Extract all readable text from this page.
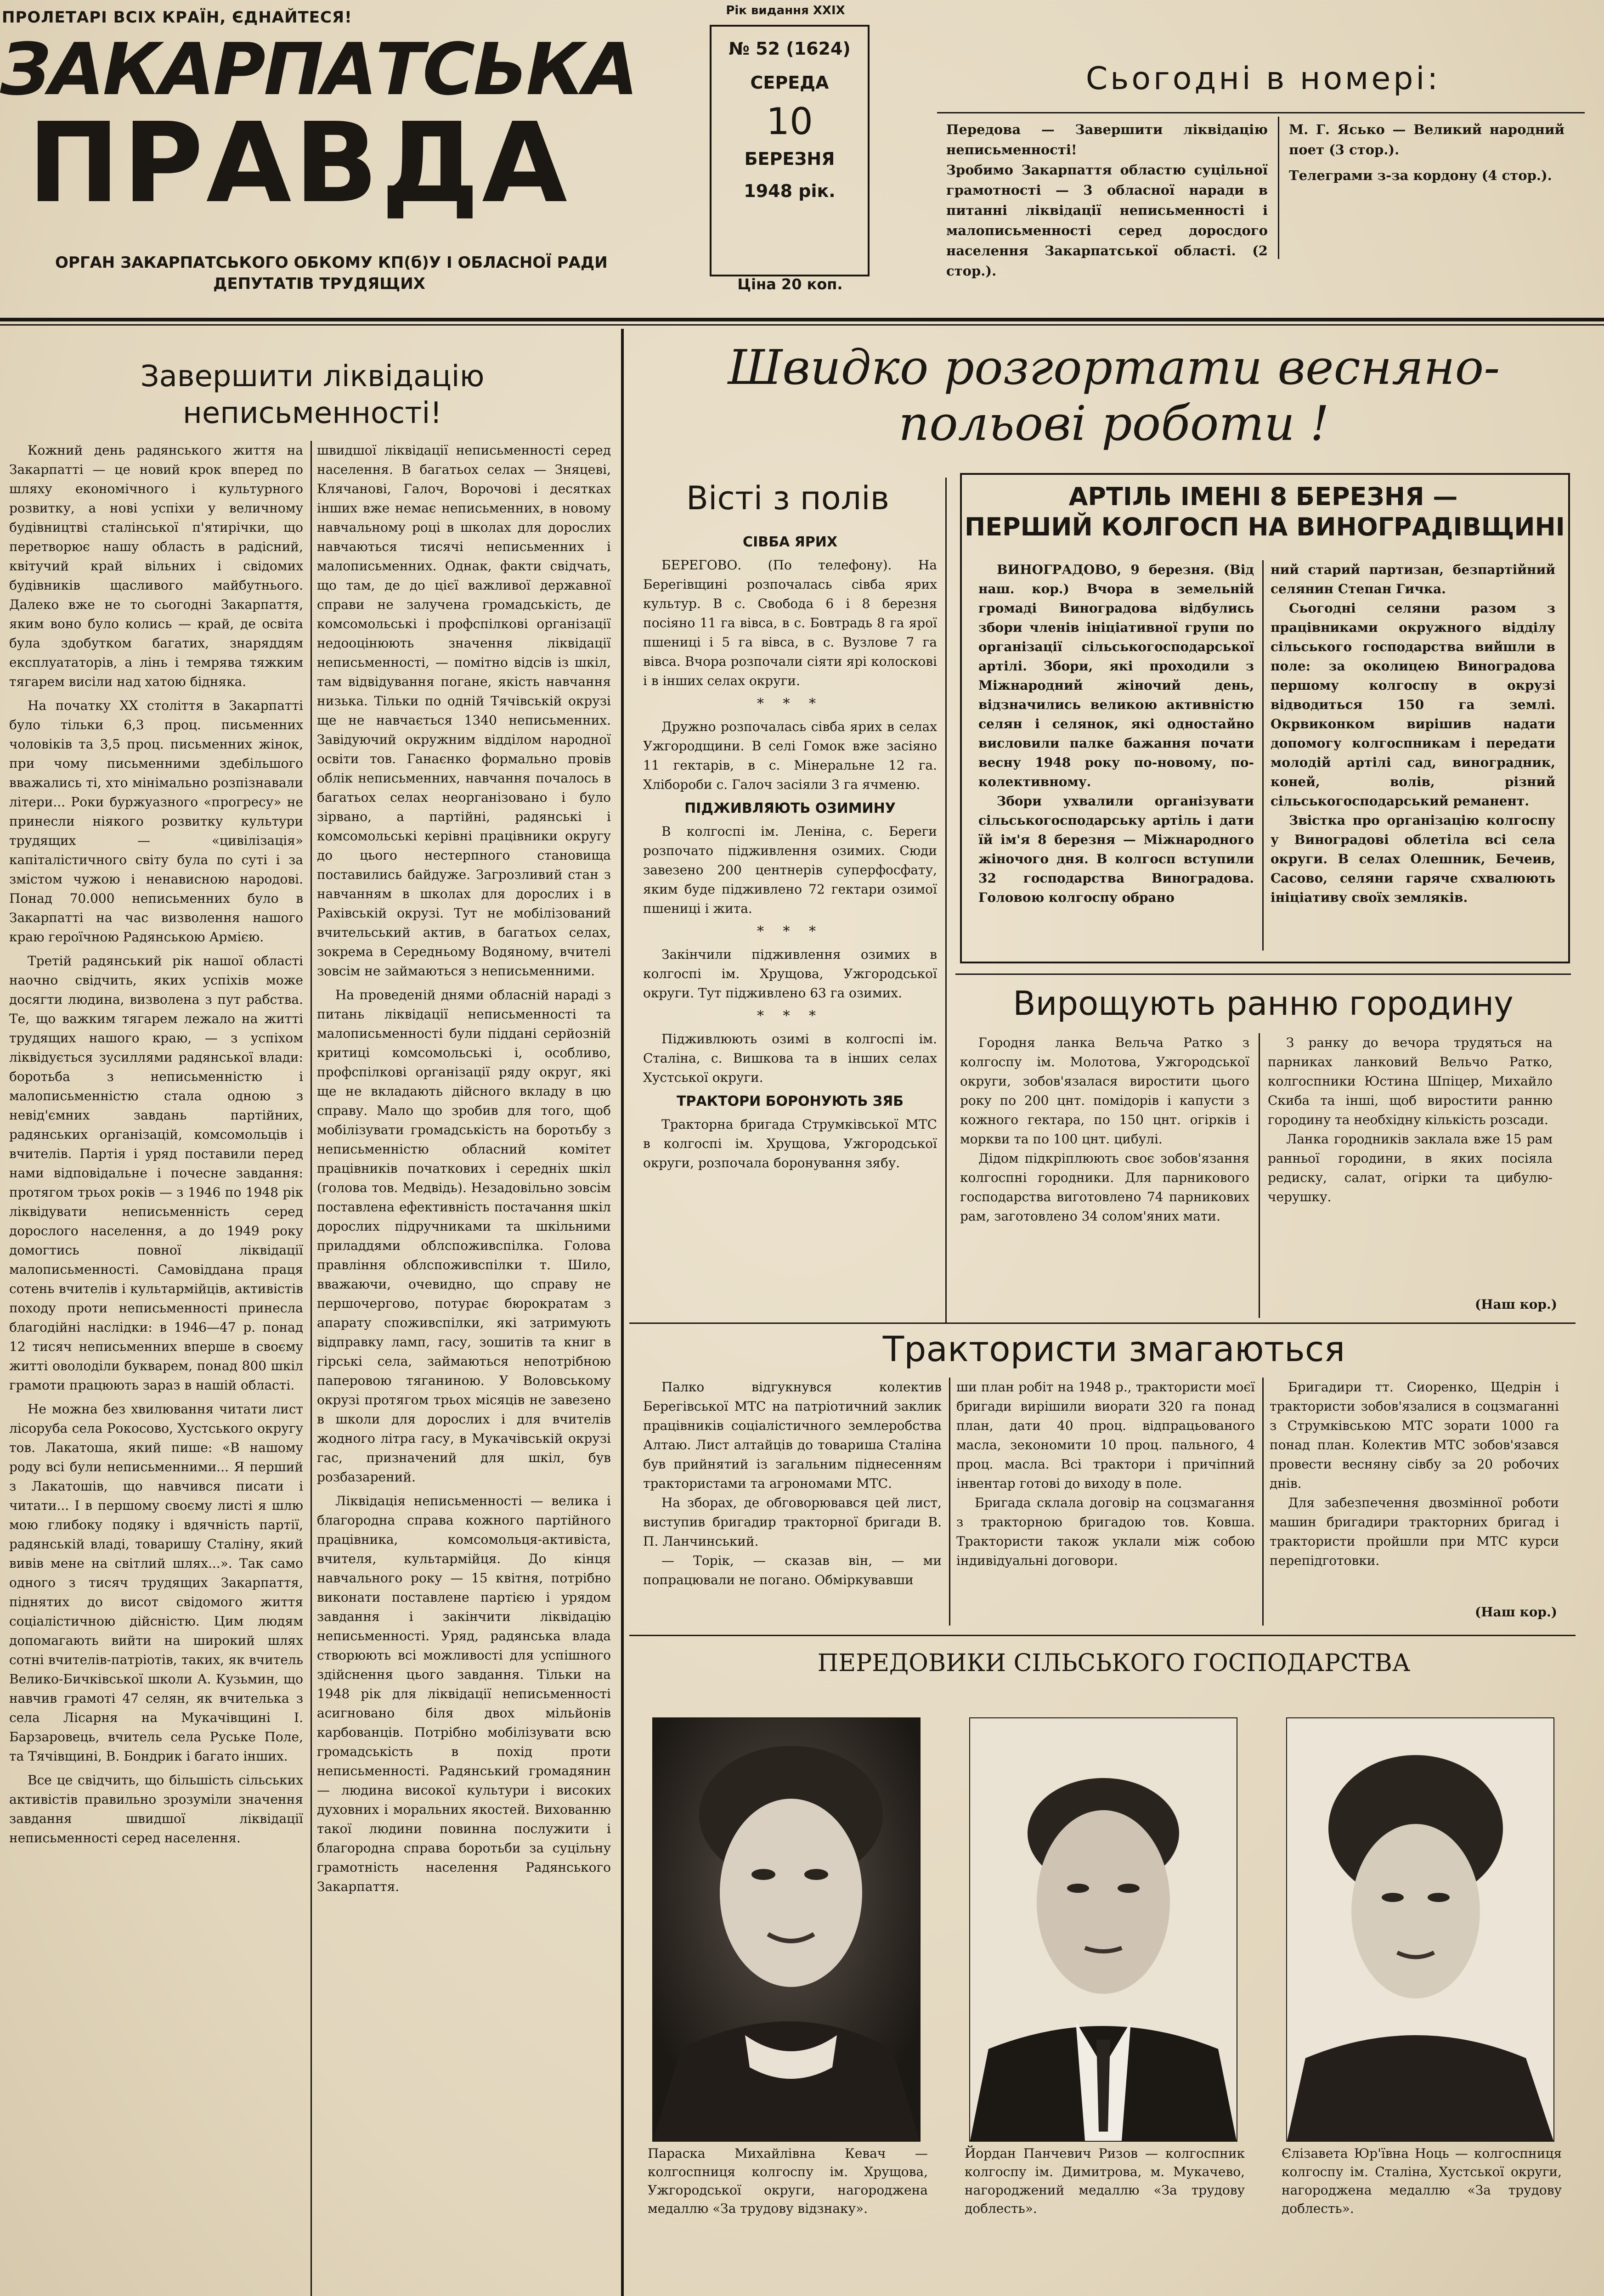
ПРОЛЕТАРІ ВСІХ КРАЇН, ЄДНАЙТЕСЯ!
ЗАКАРПАТСЬКА
ПРАВДА
ОРГАН ЗАКАРПАТСЬКОГО ОБКОМУ КП(б)У І ОБЛАСНОЇ РАДИ
ДЕПУТАТІВ ТРУДЯЩИХ
Рік видання XXIX
№ 52 (1624)
СЕРЕДА
10
БЕРЕЗНЯ
1948 рік.
Ціна 20 коп.
Сьогодні в номері:
Передова — Завершити ліквідацію неписьменності!
Зробимо Закарпаття областю суцільної грамотності — 3 обласної наради в питанні ліквідації неписьменності і малописьменності серед доросдого населення Закарпатської області. (2 стор.).
М. Г. Ясько — Великий народний поет (3 стор.).
Телеграми з-за кордону (4 стор.).
Завершити ліквідацію
неписьменності!

Кожний день радянського життя на Закарпатті — це новий крок вперед по шляху економічного і культурного розвитку, а нові успіхи у величному будівництві сталінської п'ятирічки, що перетворює нашу область в радісний, квітучий край вільних і свідомих будівників щасливого майбутнього. Далеко вже не то сьогодні Закарпаття, яким воно було колись — край, де освіта була здобутком багатих, знаряддям експлуататорів, а лінь і темрява тяжким тягарем висіли над хатою бідняка.

На початку XX століття в Закарпатті було тільки 6,3 проц. письменних чоловіків та 3,5 проц. письменних жінок, при чому письменними здебільшого вважались ті, хто мінімально розпізнавали літери... Роки буржуазного «прогресу» не принесли ніякого розвитку культури трудящих — «цивілізація» капіталістичного світу була по суті і за змістом чужою і ненависною народові. Понад 70.000 неписьменних було в Закарпатті на час визволення нашого краю героїчною Радянською Армією.

Третій радянський рік нашої області наочно свідчить, яких успіхів може досягти людина, визволена з пут рабства. Те, що важким тягарем лежало на житті трудящих нашого краю, — з успіхом ліквідується зусиллями радянської влади: боротьба з неписьменністю і малописьменністю стала одною з невід'ємних завдань партійних, радянських організацій, комсомольців і вчителів. Партія і уряд поставили перед нами відповідальне і почесне завдання: протягом трьох років — з 1946 по 1948 рік ліквідувати неписьменність серед дорослого населення, а до 1949 року домогтись повної ліквідації малописьменності. Самовіддана праця сотень вчителів і культармійців, активістів походу проти неписьменності принесла благодійні наслідки: в 1946—47 р. понад 12 тисяч неписьменних вперше в своєму житті оволоділи букварем, понад 800 шкіл грамоти працюють зараз в нашій області.

Не можна без хвилювання читати лист лісоруба села Рокосово, Хустського округу тов. Лакатоша, який пише: «В нашому роду всі були неписьменними... Я перший з Лакатошів, що навчився писати і читати... І в першому своєму листі я шлю мою глибоку подяку і вдячність партії, радянській владі, товаришу Сталіну, який вивів мене на світлий шлях...». Так само одного з тисяч трудящих Закарпаття, піднятих до висот свідомого життя соціалістичною дійсністю. Цим людям допомагають вийти на широкий шлях сотні вчителів-патріотів, таких, як вчитель Велико-Бичківської школи А. Кузьмин, що навчив грамоті 47 селян, як вчителька з села Лісарня на Мукачівщині І. Барзаровець, вчитель села Руське Поле, та Тячівщині, В. Бондрик і багато інших.

Все це свідчить, що більшість сільських активістів правильно зрозуміли значення завдання швидшої ліквідації неписьменності серед населення.

швидшої ліквідації неписьменності серед населення. В багатьох селах — Зняцеві, Клячанові, Галоч, Ворочові і десятках інших вже немає неписьменних, в новому навчальному році в школах для дорослих навчаються тисячі неписьменних і малописьменних. Однак, факти свідчать, що там, де до цієї важливої державної справи не залучена громадськість, де комсомольські і профспілкові організації недооцінюють значення ліквідації неписьменності, — помітно відсів із шкіл, там відвідування погане, якість навчання низька. Тільки по одній Тячівській окрузі ще не навчається 1340 неписьменних. Завідуючий окружним відділом народної освіти тов. Ганаєнко формально провів облік неписьменних, навчання почалось в багатьох селах неорганізовано і було зірвано, а партійні, радянські і комсомольські керівні працівники округу до цього нестерпного становища поставились байдуже. Загрозливий стан з навчанням в школах для дорослих і в Рахівській окрузі. Тут не мобілізований вчительський актив, в багатьох селах, зокрема в Середньому Водяному, вчителі зовсім не займаються з неписьменними.

На проведеній днями обласній нараді з питань ліквідації неписьменності та малописьменності були піддані серйозній критиці комсомольські і, особливо, профспілкові організації ряду округ, які ще не вкладають дійсного вкладу в цю справу. Мало що зробив для того, щоб мобілізувати громадськість на боротьбу з неписьменністю обласний комітет працівників початкових і середніх шкіл (голова тов. Медвідь). Незадовільно зовсім поставлена ефективність постачання шкіл дорослих підручниками та шкільними приладдями облспоживспілка. Голова правління облспоживспілки т. Шило, вважаючи, очевидно, що справу не першочергово, потурає бюрократам з апарату споживспілки, які затримують відправку ламп, гасу, зошитів та книг в гірські села, займаються непотрібною паперовою тяганиною. У Воловському окрузі протягом трьох місяців не завезено в школи для дорослих і для вчителів жодного літра гасу, в Мукачівській окрузі гас, призначений для шкіл, був розбазарений.

Ліквідація неписьменності — велика і благородна справа кожного партійного працівника, комсомольця-активіста, вчителя, культармійця. До кінця навчального року — 15 квітня, потрібно виконати поставлене партією і урядом завдання і закінчити ліквідацію неписьменності. Уряд, радянська влада створюють всі можливості для успішного здійснення цього завдання. Тільки на 1948 рік для ліквідації неписьменності асигновано біля двох мільйонів карбованців. Потрібно мобілізувати всю громадськість в похід проти неписьменності. Радянський громадянин — людина високої культури і високих духовних і моральних якостей. Вихованню такої людини повинна послужити і благородна справа боротьби за суцільну грамотність населення Радянського Закарпаття.

Швидко розгортати весняно-
польові роботи !
Вісті з полів
СІВБА ЯРИХ

БЕРЕГОВО. (По телефону). На Берегівщині розпочалась сівба ярих культур. В с. Свобода 6 і 8 березня посіяно 11 га вівса, в с. Бовтрадь 8 га ярої пшениці і 5 га вівса, в с. Вузлове 7 га вівса. Вчора розпочали сіяти ярі колоскові і в інших селах округи.

* * *

Дружно розпочалась сівба ярих в селах Ужгородщини. В селі Гомок вже засіяно 11 гектарів, в с. Мінеральне 12 га. Хлібороби с. Галоч засіяли 3 га ячменю.

ПІДЖИВЛЯЮТЬ ОЗИМИНУ

В колгоспі ім. Леніна, с. Береги розпочато підживлення озимих. Сюди завезено 200 центнерів суперфосфату, яким буде підживлено 72 гектари озимої пшениці і жита.

* * *

Закінчили підживлення озимих в колгоспі ім. Хрущова, Ужгородської округи. Тут підживлено 63 га озимих.

* * *

Підживлюють озимі в колгоспі ім. Сталіна, с. Вишкова та в інших селах Хустської округи.

ТРАКТОРИ БОРОНУЮТЬ ЗЯБ

Тракторна бригада Струмківської МТС в колгоспі ім. Хрущова, Ужгородської округи, розпочала боронування зябу.

АРТІЛЬ ІМЕНІ 8 БЕРЕЗНЯ —
ПЕРШИЙ КОЛГОСП НА ВИНОГРАДІВЩИНІ

ВИНОГРАДОВО, 9 березня. (Від наш. кор.) Вчора в земельній громаді Виноградова відбулись збори членів ініціативної групи по організації сільськогосподарської артілі. Збори, які проходили з Міжнародний жіночий день, відзначились великою активністю селян і селянок, які одностайно висловили палке бажання почати весну 1948 року по-новому, по-колективному.

Збори ухвалили організувати сільськогосподарську артіль і дати їй ім'я 8 березня — Міжнародного жіночого дня. В колгосп вступили 32 господарства Виноградова. Головою колгоспу обрано

ний старий партизан, безпартійний селянин Степан Гичка.

Сьогодні селяни разом з працівниками окружного відділу сільського господарства вийшли в поле: за околицею Виноградова першому колгоспу в окрузі відводиться 150 га землі. Окрвиконком вирішив надати допомогу колгоспникам і передати молодій артілі сад, виноградник, коней, волів, різний сільськогосподарський реманент.

Звістка про організацію колгоспу у Виноградові облетіла всі села округи. В селах Олешник, Бечеив, Сасово, селяни гаряче схвалюють ініціативу своїх земляків.

Вирощують ранню городину

Городня ланка Вельча Ратко з колгоспу ім. Молотова, Ужгородської округи, зобов'язалася виростити цього року по 200 цнт. помідорів і капусти з кожного гектара, по 150 цнт. огірків і моркви та по 100 цнт. цибулі.

Дідом підкріплюють своє зобов'язання колгоспні городники. Для парникового господарства виготовлено 74 парникових рам, заготовлено 34 солом'яних мати.

З ранку до вечора трудяться на парниках ланковий Вельчо Ратко, колгоспники Юстина Шпіцер, Михайло Скиба та інші, щоб виростити ранню городину та необхідну кількість розсади.

Ланка городників заклала вже 15 рам ранньої городини, в яких посіяла редиску, салат, огірки та цибулю-черушку.

(Наш кор.)
Трактористи змагаються

Палко відгукнувся колектив Берегівської МТС на патріотичний заклик працівників соціалістичного землеробства Алтаю. Лист алтайців до товариша Сталіна був прийнятий із загальним піднесенням трактористами та агрономами МТС.

На зборах, де обговорювався цей лист, виступив бригадир тракторної бригади В. П. Ланчинський.

— Торік, — сказав він, — ми попрацювали не погано. Обміркувавши

ши план робіт на 1948 р., трактористи моєї бригади вирішили виорати 320 га понад план, дати 40 проц. відпрацьованого масла, зекономити 10 проц. пального, 4 проц. масла. Всі трактори і причіпний інвентар готові до виходу в поле.

Бригада склала договір на соцзмагання з тракторною бригадою тов. Ковша. Трактористи також уклали між собою індивідуальні договори.

Бригадири тт. Сиоренко, Щедрін і трактористи зобов'язалися в соцзмаганні з Струмківською МТС зорати 1000 га понад план. Колектив МТС зобов'язався провести весняну сівбу за 20 робочих днів.

Для забезпечення двозмінної роботи машин бригадири тракторних бригад і трактористи пройшли при МТС курси перепідготовки.

(Наш кор.)
ПЕРЕДОВИКИ СІЛЬСЬКОГО ГОСПОДАРСТВА
Параска Михайлівна Кевач — колгоспниця колгоспу ім. Хрущова, Ужгородської округи, нагороджена медаллю «За трудову відзнаку».
Йордан Панчевич Ризов — колгоспник колгоспу ім. Димитрова, м. Мукачево, нагороджений медаллю «За трудову доблесть».
Єлізавета Юр'ївна Ноць — колгоспниця колгоспу ім. Сталіна, Хустської округи, нагороджена медаллю «За трудову доблесть».
